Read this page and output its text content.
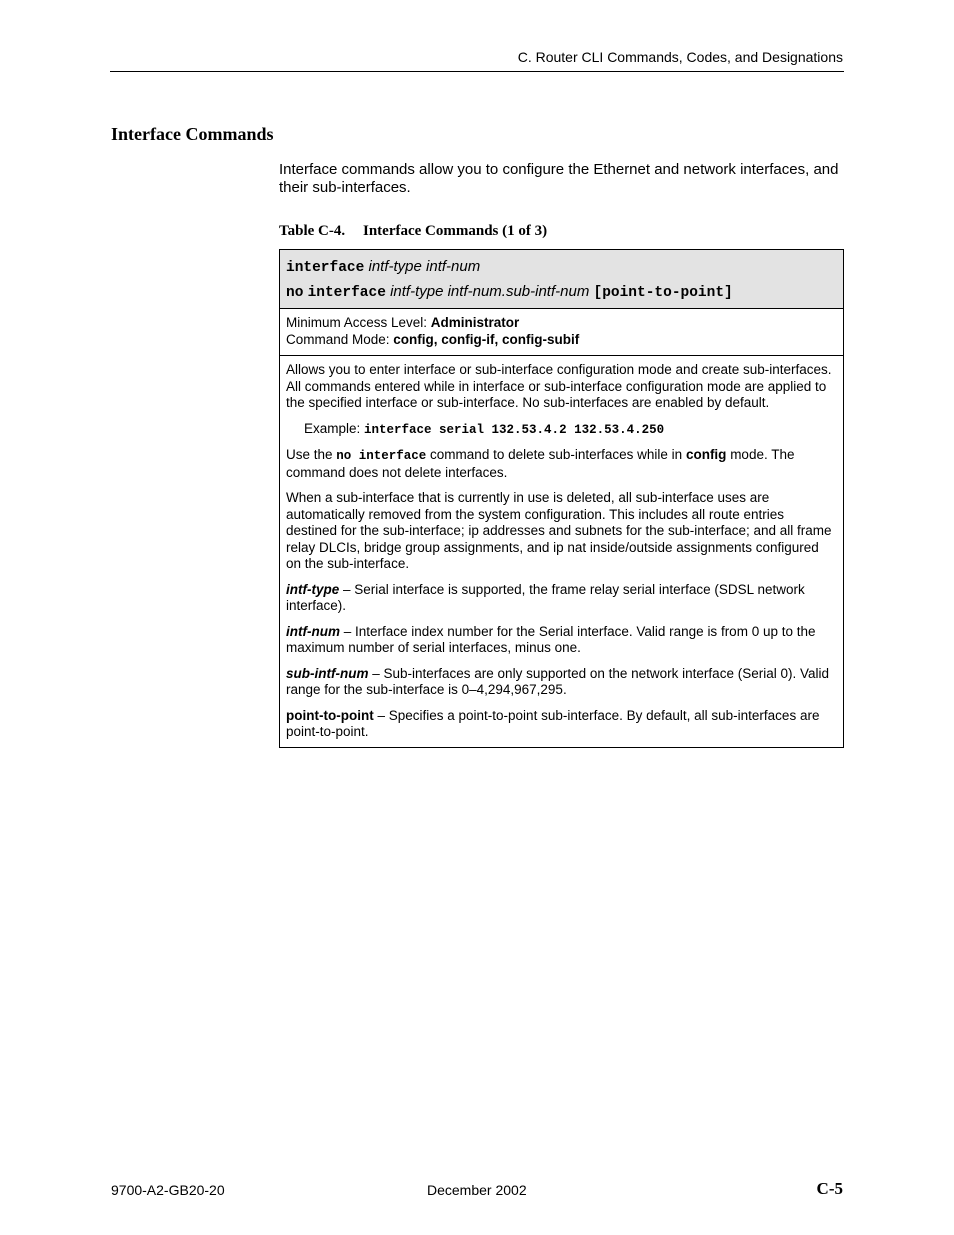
C. Router CLI Commands, Codes, and Designations
Interface Commands
Interface commands allow you to configure the Ethernet and network interfaces, and their sub-interfaces.
Table C-4. Interface Commands (1 of 3)
interface intf-type intf-num
no interface intf-type intf-num.sub-intf-num [point-to-point]
Minimum Access Level: Administrator
Command Mode: config, config-if, config-subif

Allows you to enter interface or sub-interface configuration mode and create sub-interfaces. All commands entered while in interface or sub-interface configuration mode are applied to the specified interface or sub-interface. No sub-interfaces are enabled by default.

Example: interface serial 132.53.4.2 132.53.4.250

Use the no interface command to delete sub-interfaces while in config mode. The command does not delete interfaces.

When a sub-interface that is currently in use is deleted, all sub-interface uses are automatically removed from the system configuration. This includes all route entries destined for the sub-interface; ip addresses and subnets for the sub-interface; and all frame relay DLCIs, bridge group assignments, and ip nat inside/outside assignments configured on the sub-interface.

intf-type – Serial interface is supported, the frame relay serial interface (SDSL network interface).

intf-num – Interface index number for the Serial interface. Valid range is from 0 up to the maximum number of serial interfaces, minus one.

sub-intf-num – Sub-interfaces are only supported on the network interface (Serial 0). Valid range for the sub-interface is 0–4,294,967,295.

point-to-point – Specifies a point-to-point sub-interface. By default, all sub-interfaces are point-to-point.

9700-A2-GB20-20	December 2002	C-5
